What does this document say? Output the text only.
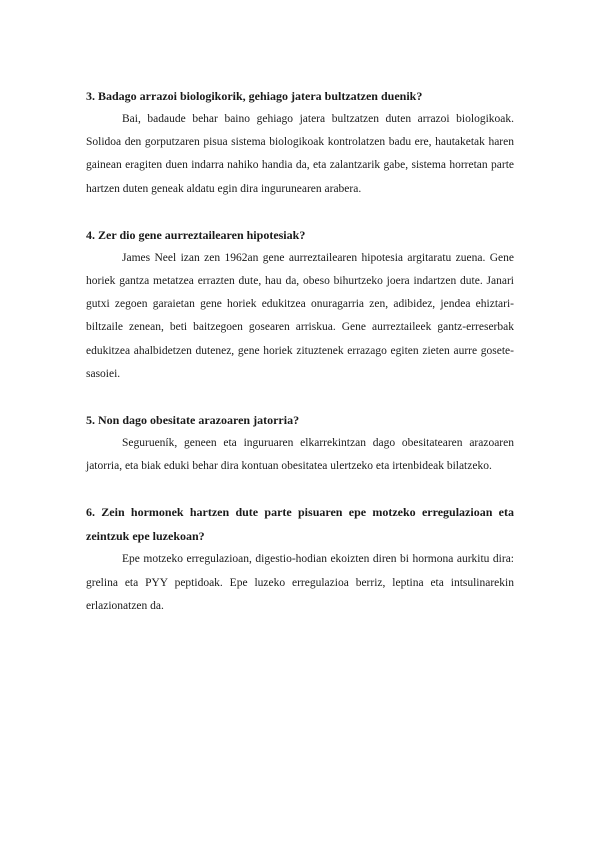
3. Badago arrazoi biologikorik, gehiago jatera bultzatzen duenik?

Bai, badaude behar baino gehiago jatera bultzatzen duten arrazoi biologikoak. Solidoa den gorputzaren pisua sistema biologikoak kontrolatzen badu ere, hautaketak haren gainean eragiten duen indarra nahiko handia da, eta zalantzarik gabe, sistema horretan parte hartzen duten geneak aldatu egin dira ingurunearen arabera.

4. Zer dio gene aurreztailearen hipotesiak?

James Neel izan zen 1962an gene aurreztailearen hipotesia argitaratu zuena. Gene horiek gantza metatzea errazten dute, hau da, obeso bihurtzeko joera indartzen dute. Janari gutxi zegoen garaietan gene horiek edukitzea onuragarria zen, adibidez, jendea ehiztari-biltzaile zenean, beti baitzegoen gosearen arriskua. Gene aurreztaileek gantz-erreserbak edukitzea ahalbidetzen dutenez, gene horiek zituztenek errazago egiten zieten aurre gosete-sasoiei.

5. Non dago obesitate arazoaren jatorria?

Segurueník, geneen eta inguruaren elkarrekintzan dago obesitatearen arazoaren jatorria, eta biak eduki behar dira kontuan obesitatea ulertzeko eta irtenbideak bilatzeko.

6. Zein hormonek hartzen dute parte pisuaren epe motzeko erregulazioan eta zeintzuk epe luzekoan?

Epe motzeko erregulazioan, digestio-hodian ekoizten diren bi hormona aurkitu dira: grelina eta PYY peptidoak. Epe luzeko erregulazioa berriz, leptina eta intsulinarekin erlazionatzen da.
